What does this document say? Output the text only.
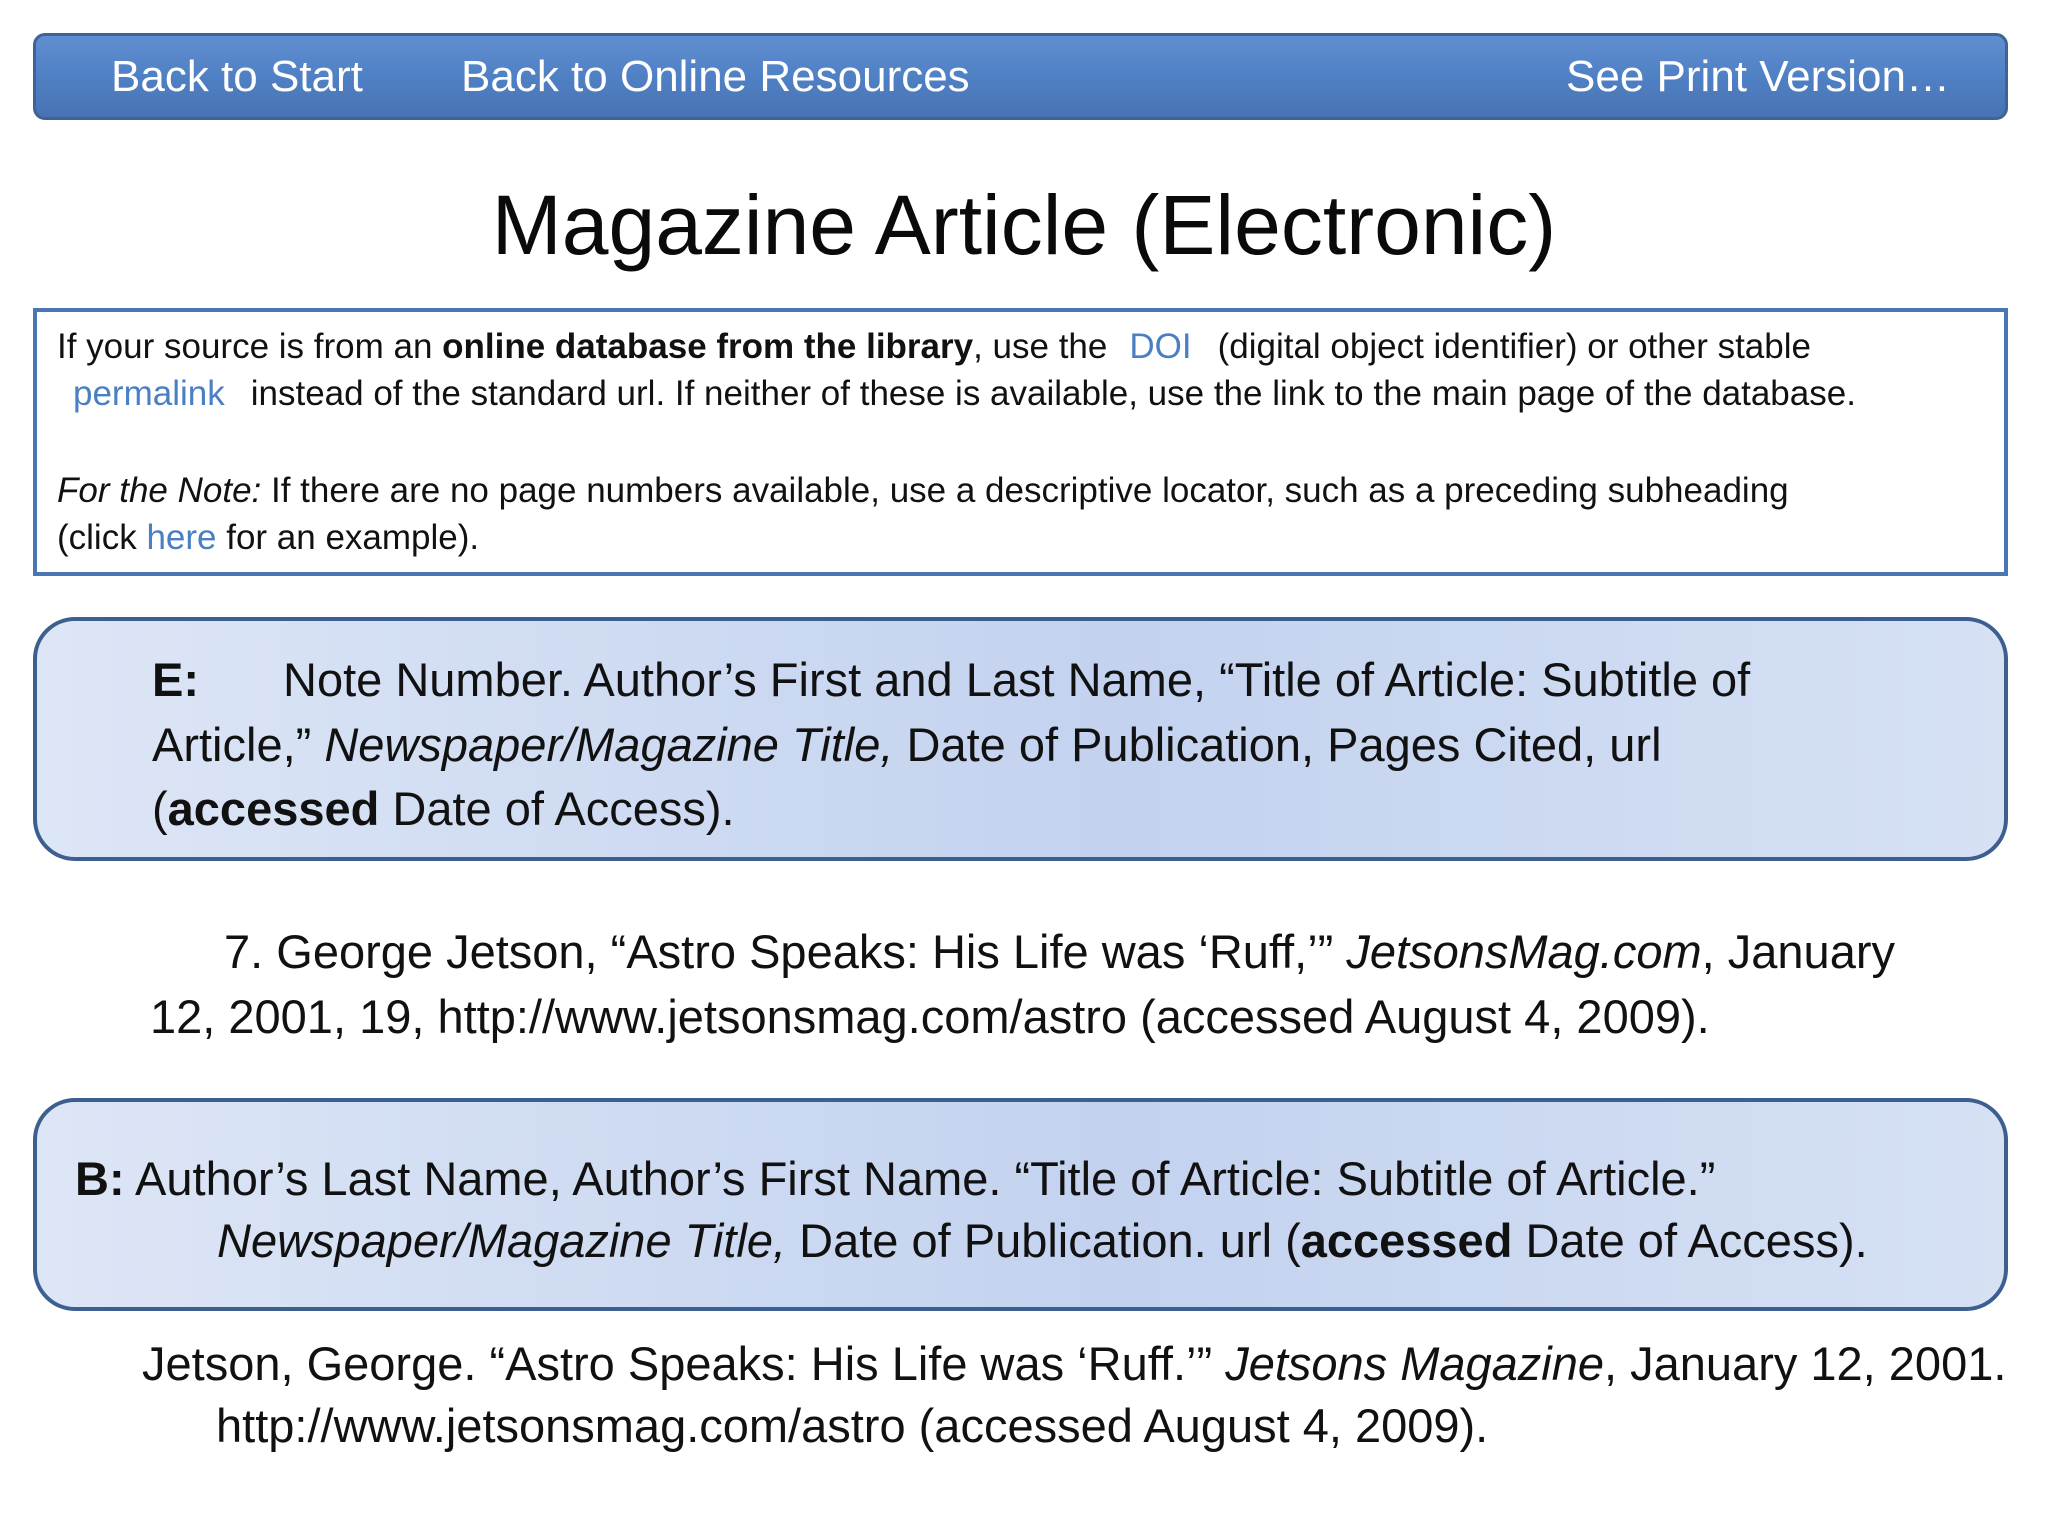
Back to Start Back to Online Resources	See Print Version…
Magazine Article (Electronic)
If your source is from an online database from the library, use the DOI (digital object identifier) or other stable
permalink instead of the standard url. If neither of these is available, use the link to the main page of the database.
For the Note: If there are no page numbers available, use a descriptive locator, such as a preceding subheading
(click here for an example).
E: Note Number. Author’s First and Last Name, “Title of Article: Subtitle of
Article,” Newspaper/Magazine Title, Date of Publication, Pages Cited, url
(accessed Date of Access).
7. George Jetson, “Astro Speaks: His Life was ‘Ruff,’” JetsonsMag.com, January
12, 2001, 19, http://www.jetsonsmag.com/astro (accessed August 4, 2009).
B: Author’s Last Name, Author’s First Name. “Title of Article: Subtitle of Article.”
Newspaper/Magazine Title, Date of Publication. url (accessed Date of Access).
Jetson, George. “Astro Speaks: His Life was ‘Ruff.’” Jetsons Magazine, January 12, 2001.
http://www.jetsonsmag.com/astro (accessed August 4, 2009).
